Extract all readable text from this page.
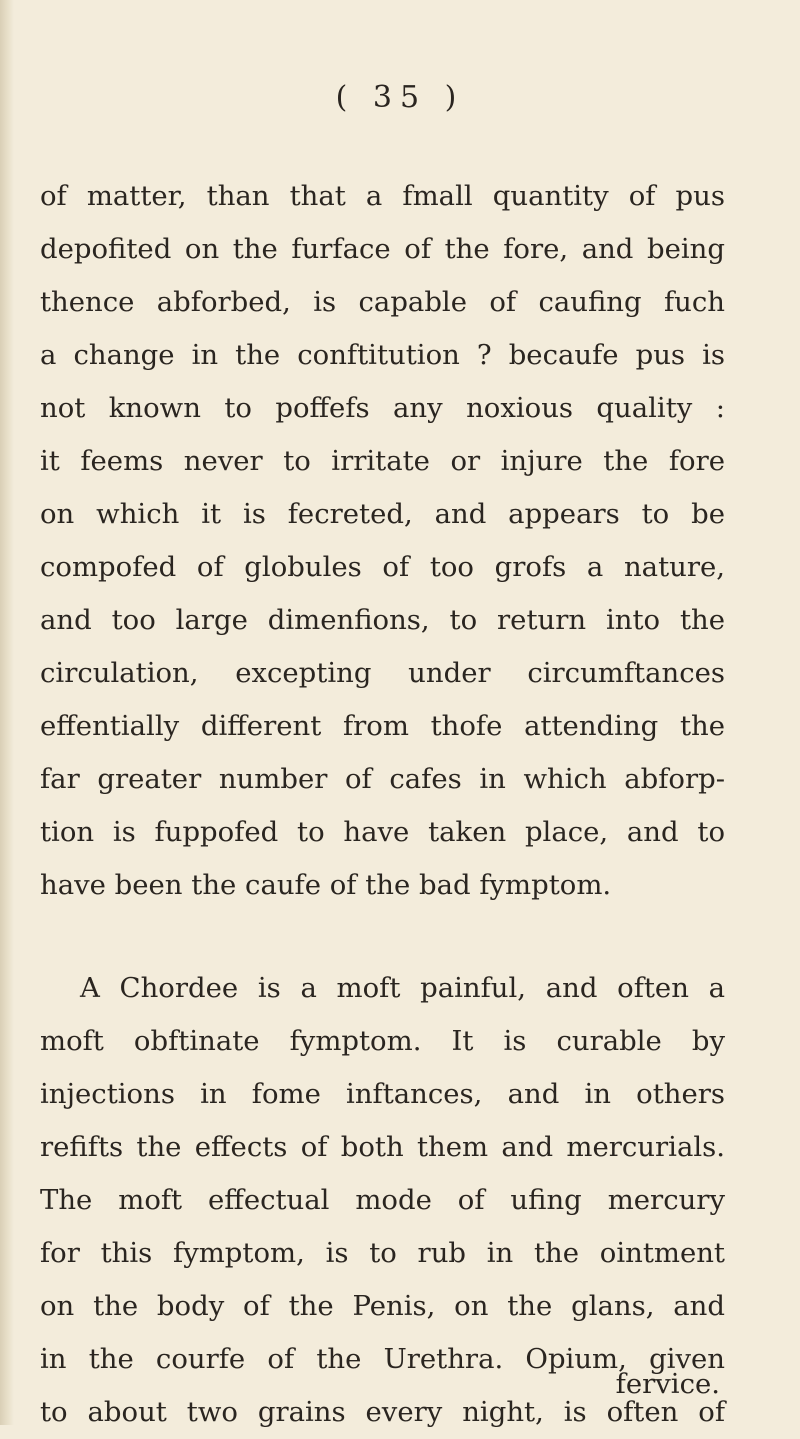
( 35 )
of matter, than that a fmall quantity of pus
depofited on the furface of the fore, and being
thence abforbed, is capable of caufing fuch
a change in the conftitution ? becaufe pus is
not known to poffefs any noxious quality :
it feems never to irritate or injure the fore
on which it is fecreted, and appears to be
compofed of globules of too grofs a nature,
and too large dimenfions, to return into the
circulation, excepting under circumftances
effentially different from thofe attending the
far greater number of cafes in which abforp-
tion is fuppofed to have taken place, and to
have been the caufe of the bad fymptom.
A Chordee is a moft painful, and often a
moft obftinate fymptom. It is curable by
injections in fome inftances, and in others
refifts the effects of both them and mercurials.
The moft effectual mode of ufing mercury
for this fymptom, is to rub in the ointment
on the body of the Penis, on the glans, and
in the courfe of the Urethra. Opium, given
to about two grains every night, is often of
fervice.
